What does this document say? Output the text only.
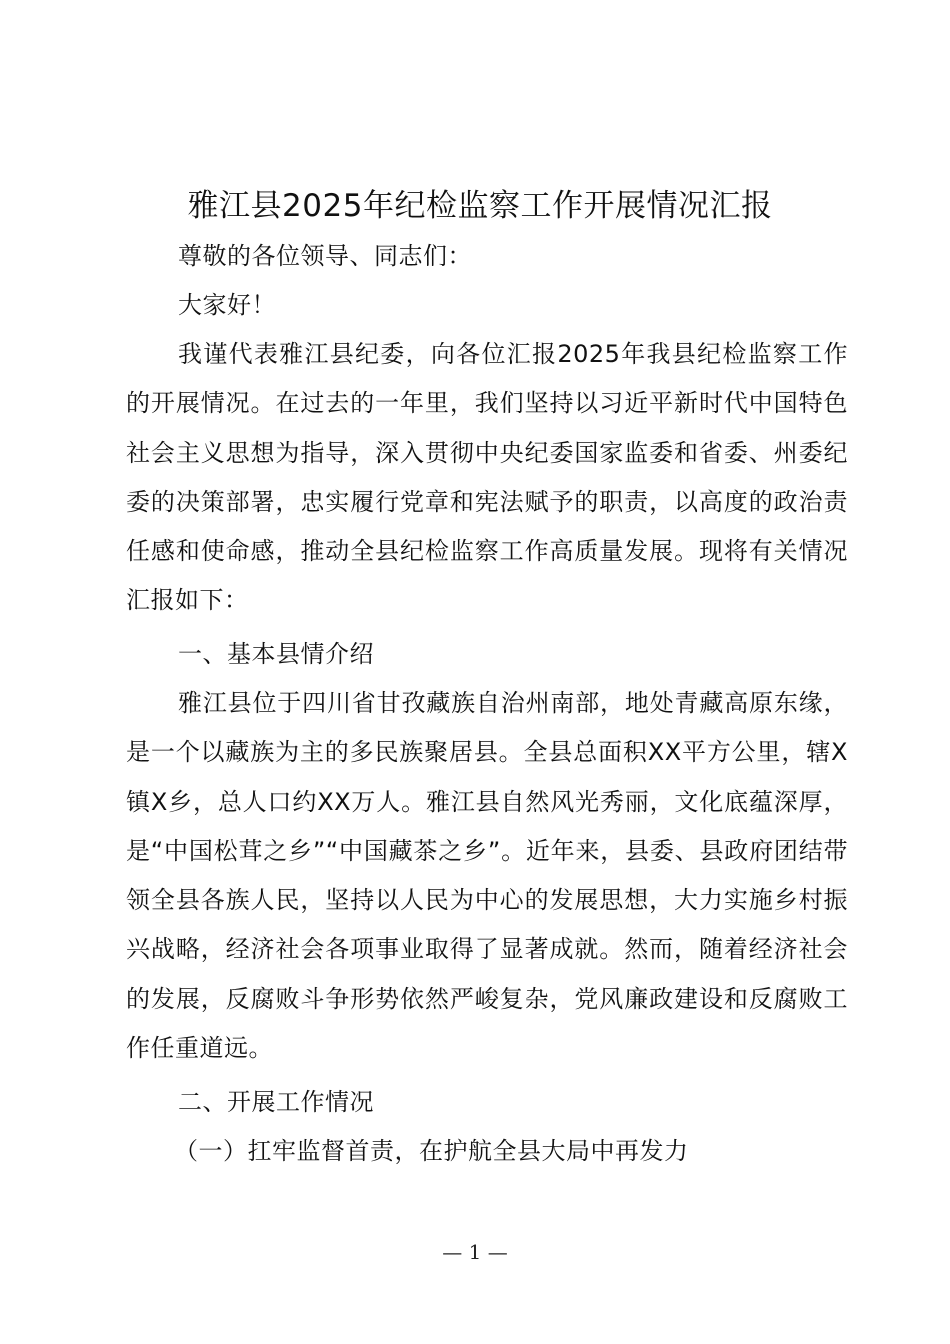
雅江县2025年纪检监察工作开展情况汇报
尊敬的各位领导、同志们：
大家好！
我谨代表雅江县纪委，向各位汇报2025年我县纪检监察工作的开展情况。在过去的一年里，我们坚持以习近平新时代中国特色社会主义思想为指导，深入贯彻中央纪委国家监委和省委、州委纪委的决策部署，忠实履行党章和宪法赋予的职责，以高度的政治责任感和使命感，推动全县纪检监察工作高质量发展。现将有关情况汇报如下：
一、基本县情介绍
雅江县位于四川省甘孜藏族自治州南部，地处青藏高原东缘，是一个以藏族为主的多民族聚居县。全县总面积XX平方公里，辖X镇X乡，总人口约XX万人。雅江县自然风光秀丽，文化底蕴深厚，是“中国松茸之乡”“中国藏茶之乡”。近年来，县委、县政府团结带领全县各族人民，坚持以人民为中心的发展思想，大力实施乡村振兴战略，经济社会各项事业取得了显著成就。然而，随着经济社会的发展，反腐败斗争形势依然严峻复杂，党风廉政建设和反腐败工作任重道远。
二、开展工作情况
（一）扛牢监督首责，在护航全县大局中再发力
— 1 —
